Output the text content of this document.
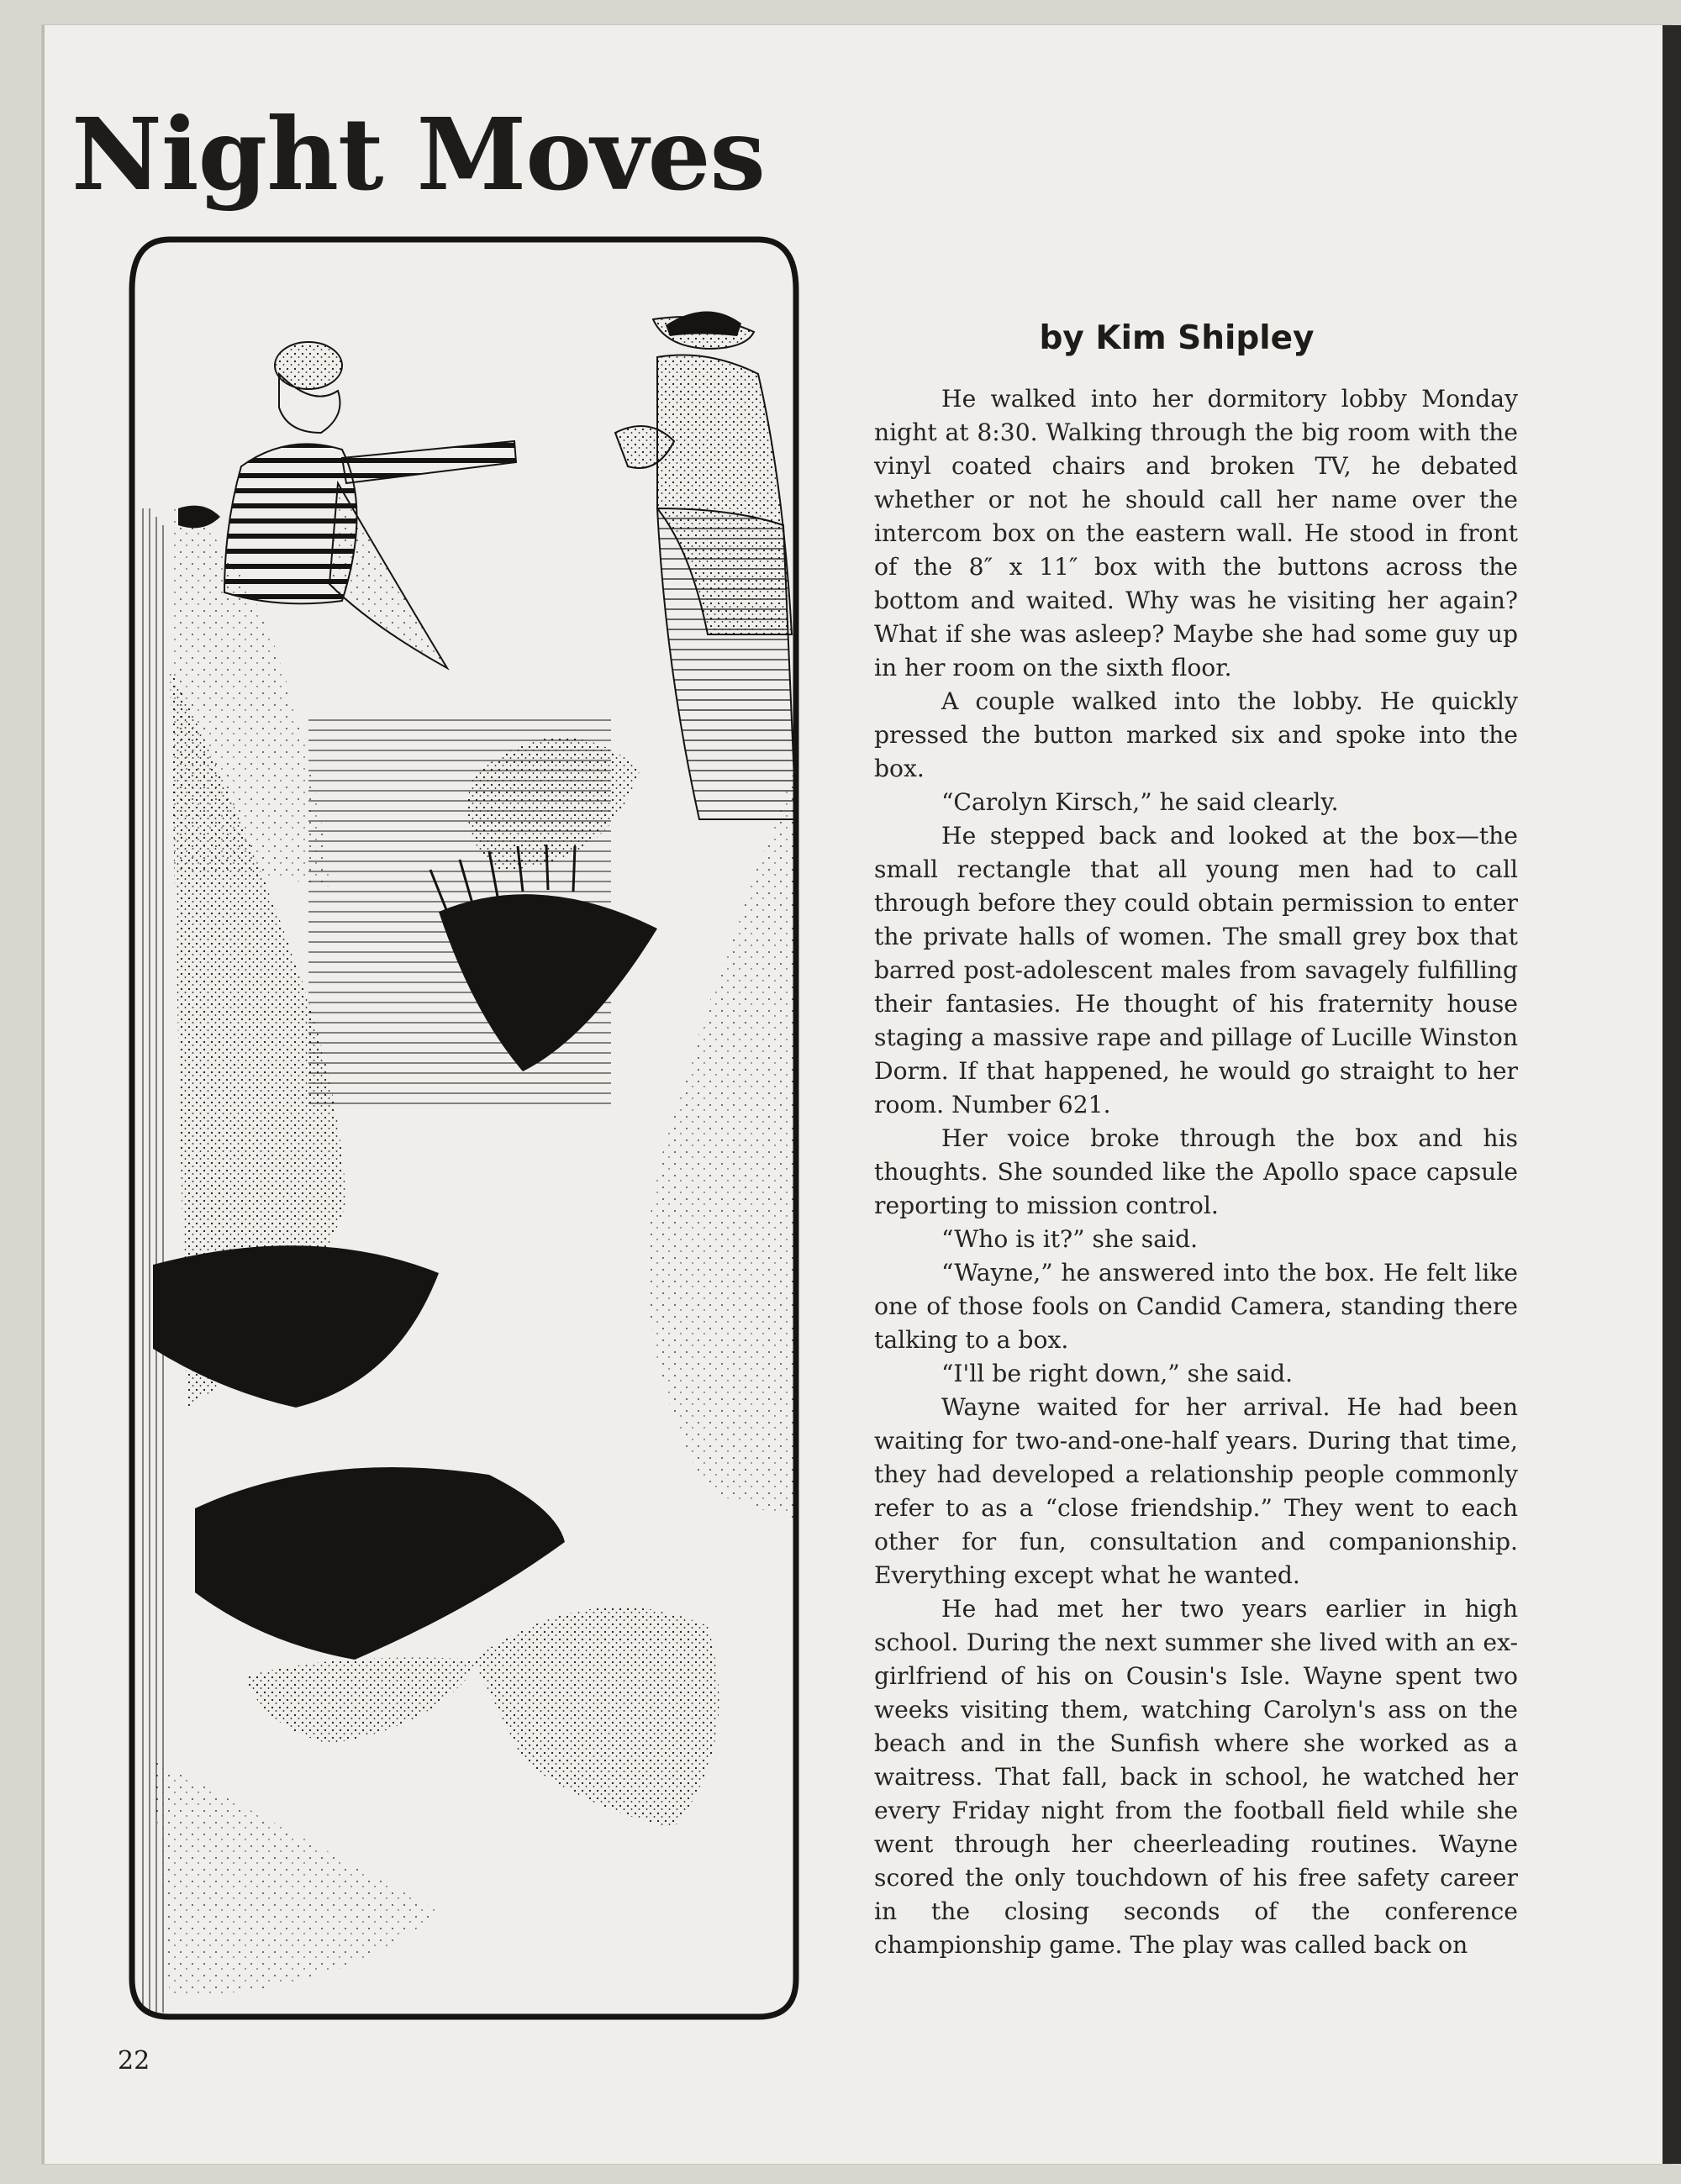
Night Moves
by Kim Shipley

He walked into her dormitory lobby Monday night at 8:30. Walking through the big room with the vinyl coated chairs and broken TV, he debated whether or not he should call her name over the intercom box on the eastern wall. He stood in front of the 8″ x 11″ box with the buttons across the bottom and waited. Why was he visiting her again? What if she was asleep? Maybe she had some guy up in her room on the sixth floor.

A couple walked into the lobby. He quickly pressed the button marked six and spoke into the box.

“Carolyn Kirsch,” he said clearly.

He stepped back and looked at the box—the small rectangle that all young men had to call through before they could obtain permission to enter the private halls of women. The small grey box that barred post-adolescent males from savagely fulfilling their fantasies. He thought of his fraternity house staging a massive rape and pillage of Lucille Winston Dorm. If that happened, he would go straight to her room. Number 621.

Her voice broke through the box and his thoughts. She sounded like the Apollo space capsule reporting to mission control.

“Who is it?” she said.

“Wayne,” he answered into the box. He felt like one of those fools on Candid Camera, standing there talking to a box.

“I'll be right down,” she said.

Wayne waited for her arrival. He had been waiting for two-and-one-half years. During that time, they had developed a relationship people commonly refer to as a “close friendship.” They went to each other for fun, consultation and companionship. Everything except what he wanted.

He had met her two years earlier in high school. During the next summer she lived with an ex-girlfriend of his on Cousin's Isle. Wayne spent two weeks visiting them, watching Carolyn's ass on the beach and in the Sunfish where she worked as a waitress. That fall, back in school, he watched her every Friday night from the football field while she went through her cheerleading routines. Wayne scored the only touchdown of his free safety career in the closing seconds of the conference championship game. The play was called back on

22
